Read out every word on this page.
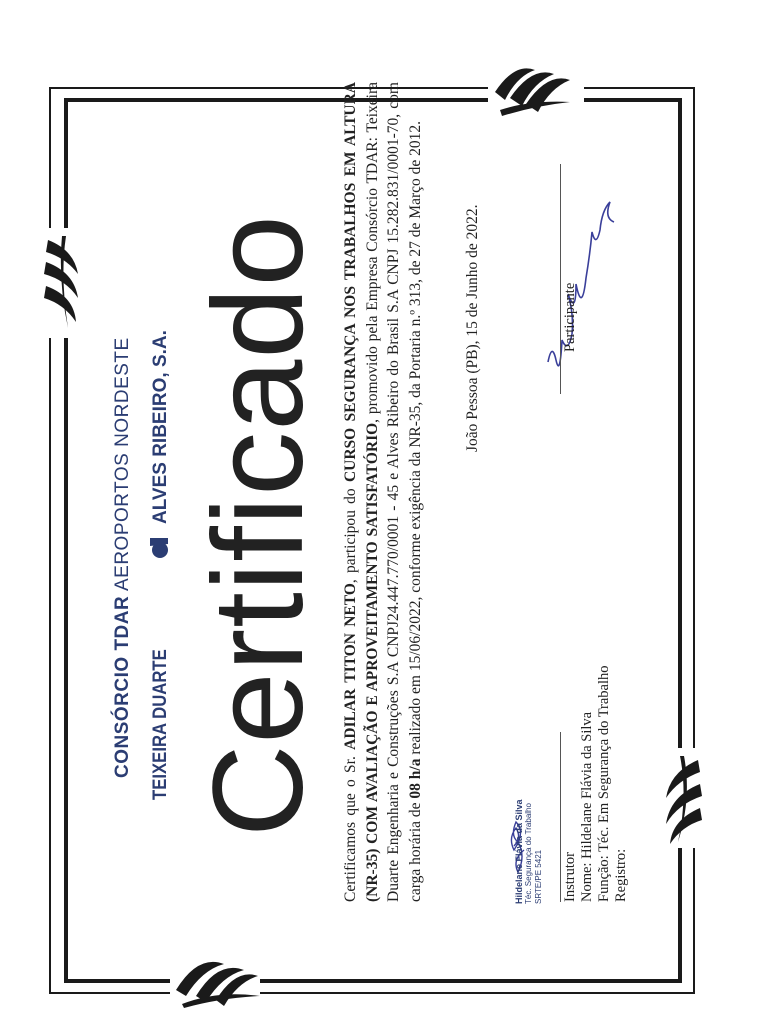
CONSÓRCIO TDAR AEROPORTOS NORDESTE
TEIXEIRA DUARTE
ALVES RIBEIRO, S.A. Certificado Certificamos que o Sr. ADILAR TITON NETO, participou do CURSO SEGURANÇA NOS TRABALHOS EM ALTURA (NR-35) COM AVALIAÇÃO E APROVEITAMENTO SATISFATÓRIO, promovido pela Empresa Consórcio TDAR: Teixeira Duarte Engenharia e Construções S.A CNPJ24.447.770/0001 - 45 e Alves Ribeiro do Brasil S.A CNPJ 15.282.831/0001-70, com carga horária de 08 h/a realizado em 15/06/2022, conforme exigência da NR-35, da Portaria n.º 313, de 27 de Março de 2012.	João Pessoa (PB), 15 de Junho de 2022.
Hildelane Flávia da Silva Téc. Segurança do Trabalho SRTE/PE 5421 Instrutor Nome: Hildelane Flávia da Silva Função: Téc. Em Segurança do Trabalho Registro:
Participante
